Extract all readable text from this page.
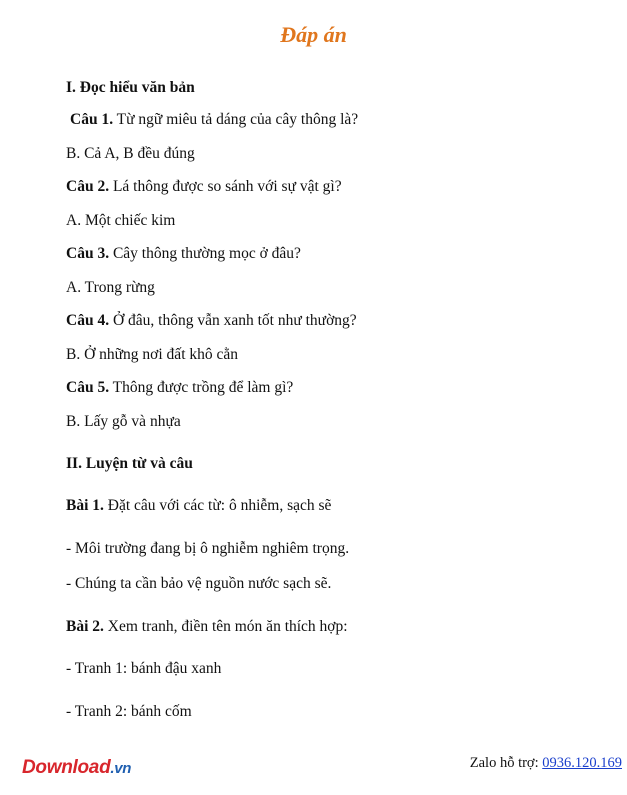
Đáp án
I. Đọc hiểu văn bản
Câu 1. Từ ngữ miêu tả dáng của cây thông là?
B. Cả A, B đều đúng
Câu 2. Lá thông được so sánh với sự vật gì?
A. Một chiếc kim
Câu 3. Cây thông thường mọc ở đâu?
A. Trong rừng
Câu 4. Ở đâu, thông vẫn xanh tốt như thường?
B. Ở những nơi đất khô cằn
Câu 5. Thông được trồng để làm gì?
B. Lấy gỗ và nhựa
II. Luyện từ và câu
Bài 1. Đặt câu với các từ: ô nhiễm, sạch sẽ
- Môi trường đang bị ô nghiễm nghiêm trọng.
- Chúng ta cần bảo vệ nguồn nước sạch sẽ.
Bài 2. Xem tranh, điền tên món ăn thích hợp:
- Tranh 1: bánh đậu xanh
- Tranh 2: bánh cốm
Download.vn	Zalo hỗ trợ: 0936.120.169
